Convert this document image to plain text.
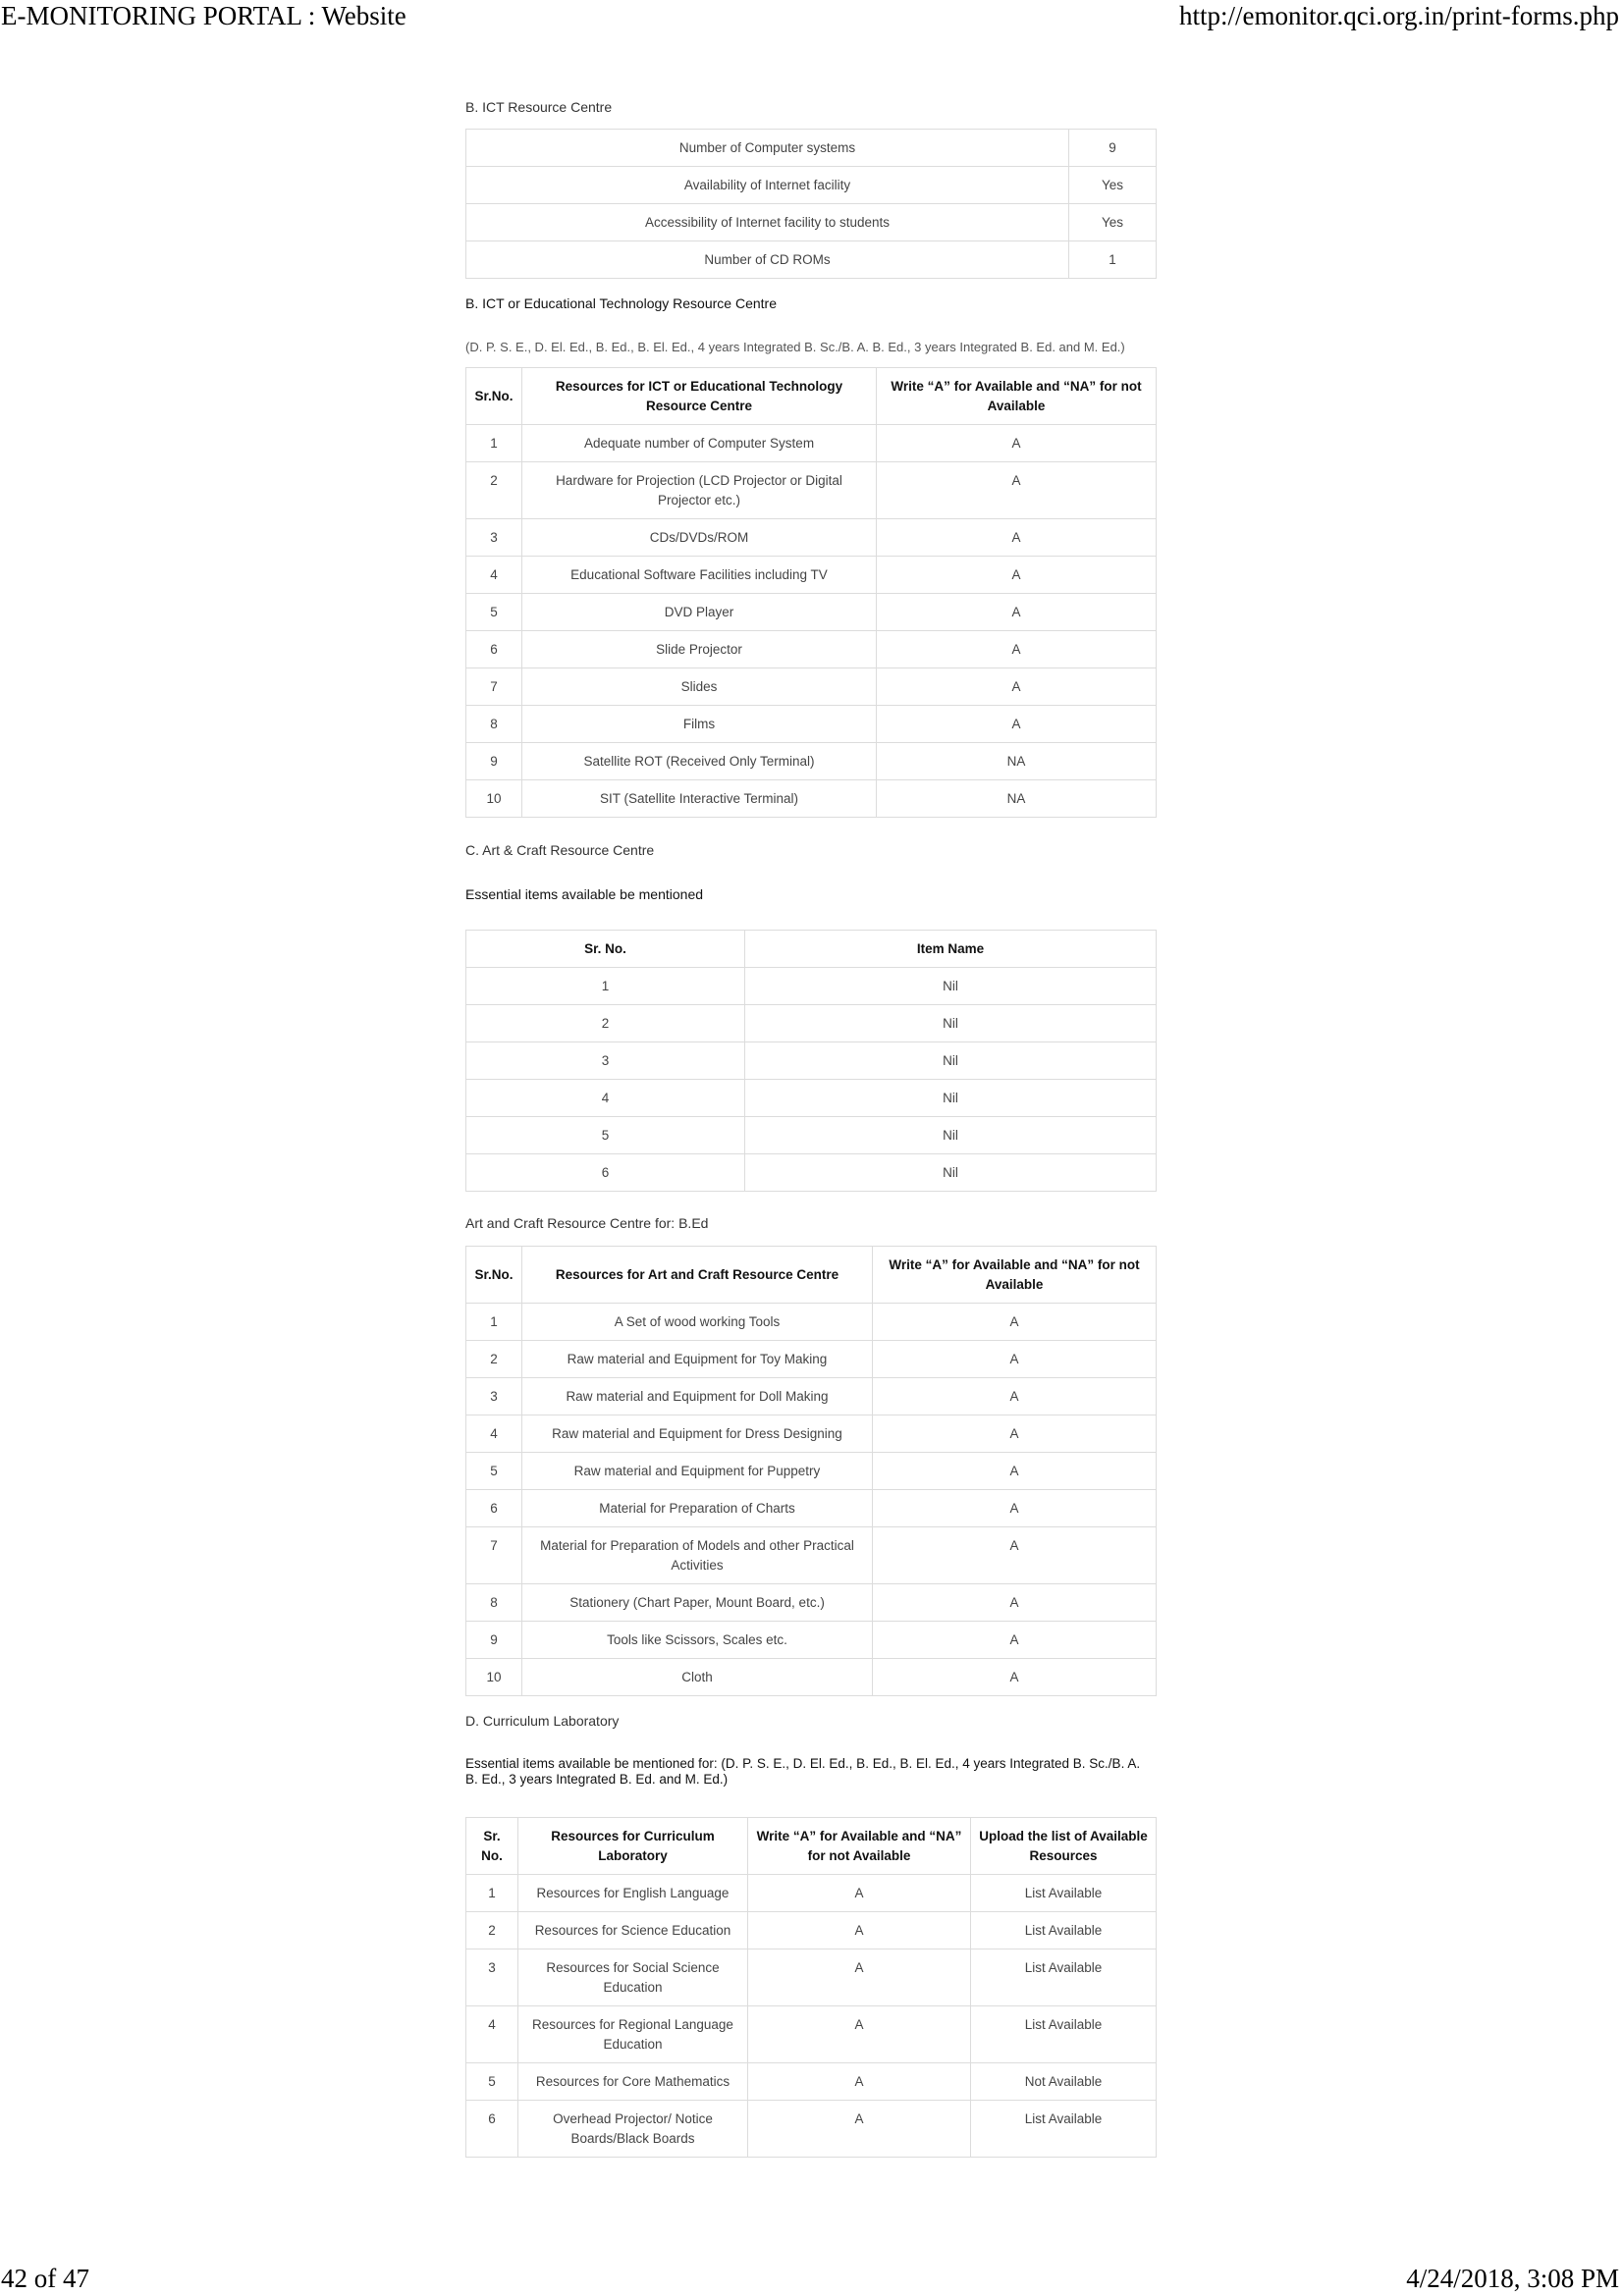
E-MONITORING PORTAL : Website	http://emonitor.qci.org.in/print-forms.php
B. ICT Resource Centre
Number of Computer systems	9
Availability of Internet facility	Yes
Accessibility of Internet facility to students	Yes
Number of CD ROMs	1
B. ICT or Educational Technology Resource Centre
(D. P. S. E., D. El. Ed., B. Ed., B. El. Ed., 4 years Integrated B. Sc./B. A. B. Ed., 3 years Integrated B. Ed. and M. Ed.)
Sr.No.	Resources for ICT or Educational Technology Resource Centre	Write “A” for Available and “NA” for not Available
1	Adequate number of Computer System	A
2	Hardware for Projection (LCD Projector or Digital Projector etc.)	A
3	CDs/DVDs/ROM	A
4	Educational Software Facilities including TV	A
5	DVD Player	A
6	Slide Projector	A
7	Slides	A
8	Films	A
9	Satellite ROT (Received Only Terminal)	NA
10	SIT (Satellite Interactive Terminal)	NA
C. Art & Craft Resource Centre
Essential items available be mentioned
Sr. No.	Item Name
1	Nil
2	Nil
3	Nil
4	Nil
5	Nil
6	Nil
Art and Craft Resource Centre for: B.Ed
Sr.No.	Resources for Art and Craft Resource Centre	Write “A” for Available and “NA” for not Available
1	A Set of wood working Tools	A
2	Raw material and Equipment for Toy Making	A
3	Raw material and Equipment for Doll Making	A
4	Raw material and Equipment for Dress Designing	A
5	Raw material and Equipment for Puppetry	A
6	Material for Preparation of Charts	A
7	Material for Preparation of Models and other Practical Activities	A
8	Stationery (Chart Paper, Mount Board, etc.)	A
9	Tools like Scissors, Scales etc.	A
10	Cloth	A
D. Curriculum Laboratory
Essential items available be mentioned for: (D. P. S. E., D. El. Ed., B. Ed., B. El. Ed., 4 years Integrated B. Sc./B. A. B. Ed., 3 years Integrated B. Ed. and M. Ed.)
Sr. No.	Resources for Curriculum Laboratory	Write “A” for Available and “NA” for not Available	Upload the list of Available Resources
1	Resources for English Language	A	List Available
2	Resources for Science Education	A	List Available
3	Resources for Social Science Education	A	List Available
4	Resources for Regional Language Education	A	List Available
5	Resources for Core Mathematics	A	Not Available
6	Overhead Projector/ Notice Boards/Black Boards	A	List Available
42 of 47	4/24/2018, 3:08 PM
